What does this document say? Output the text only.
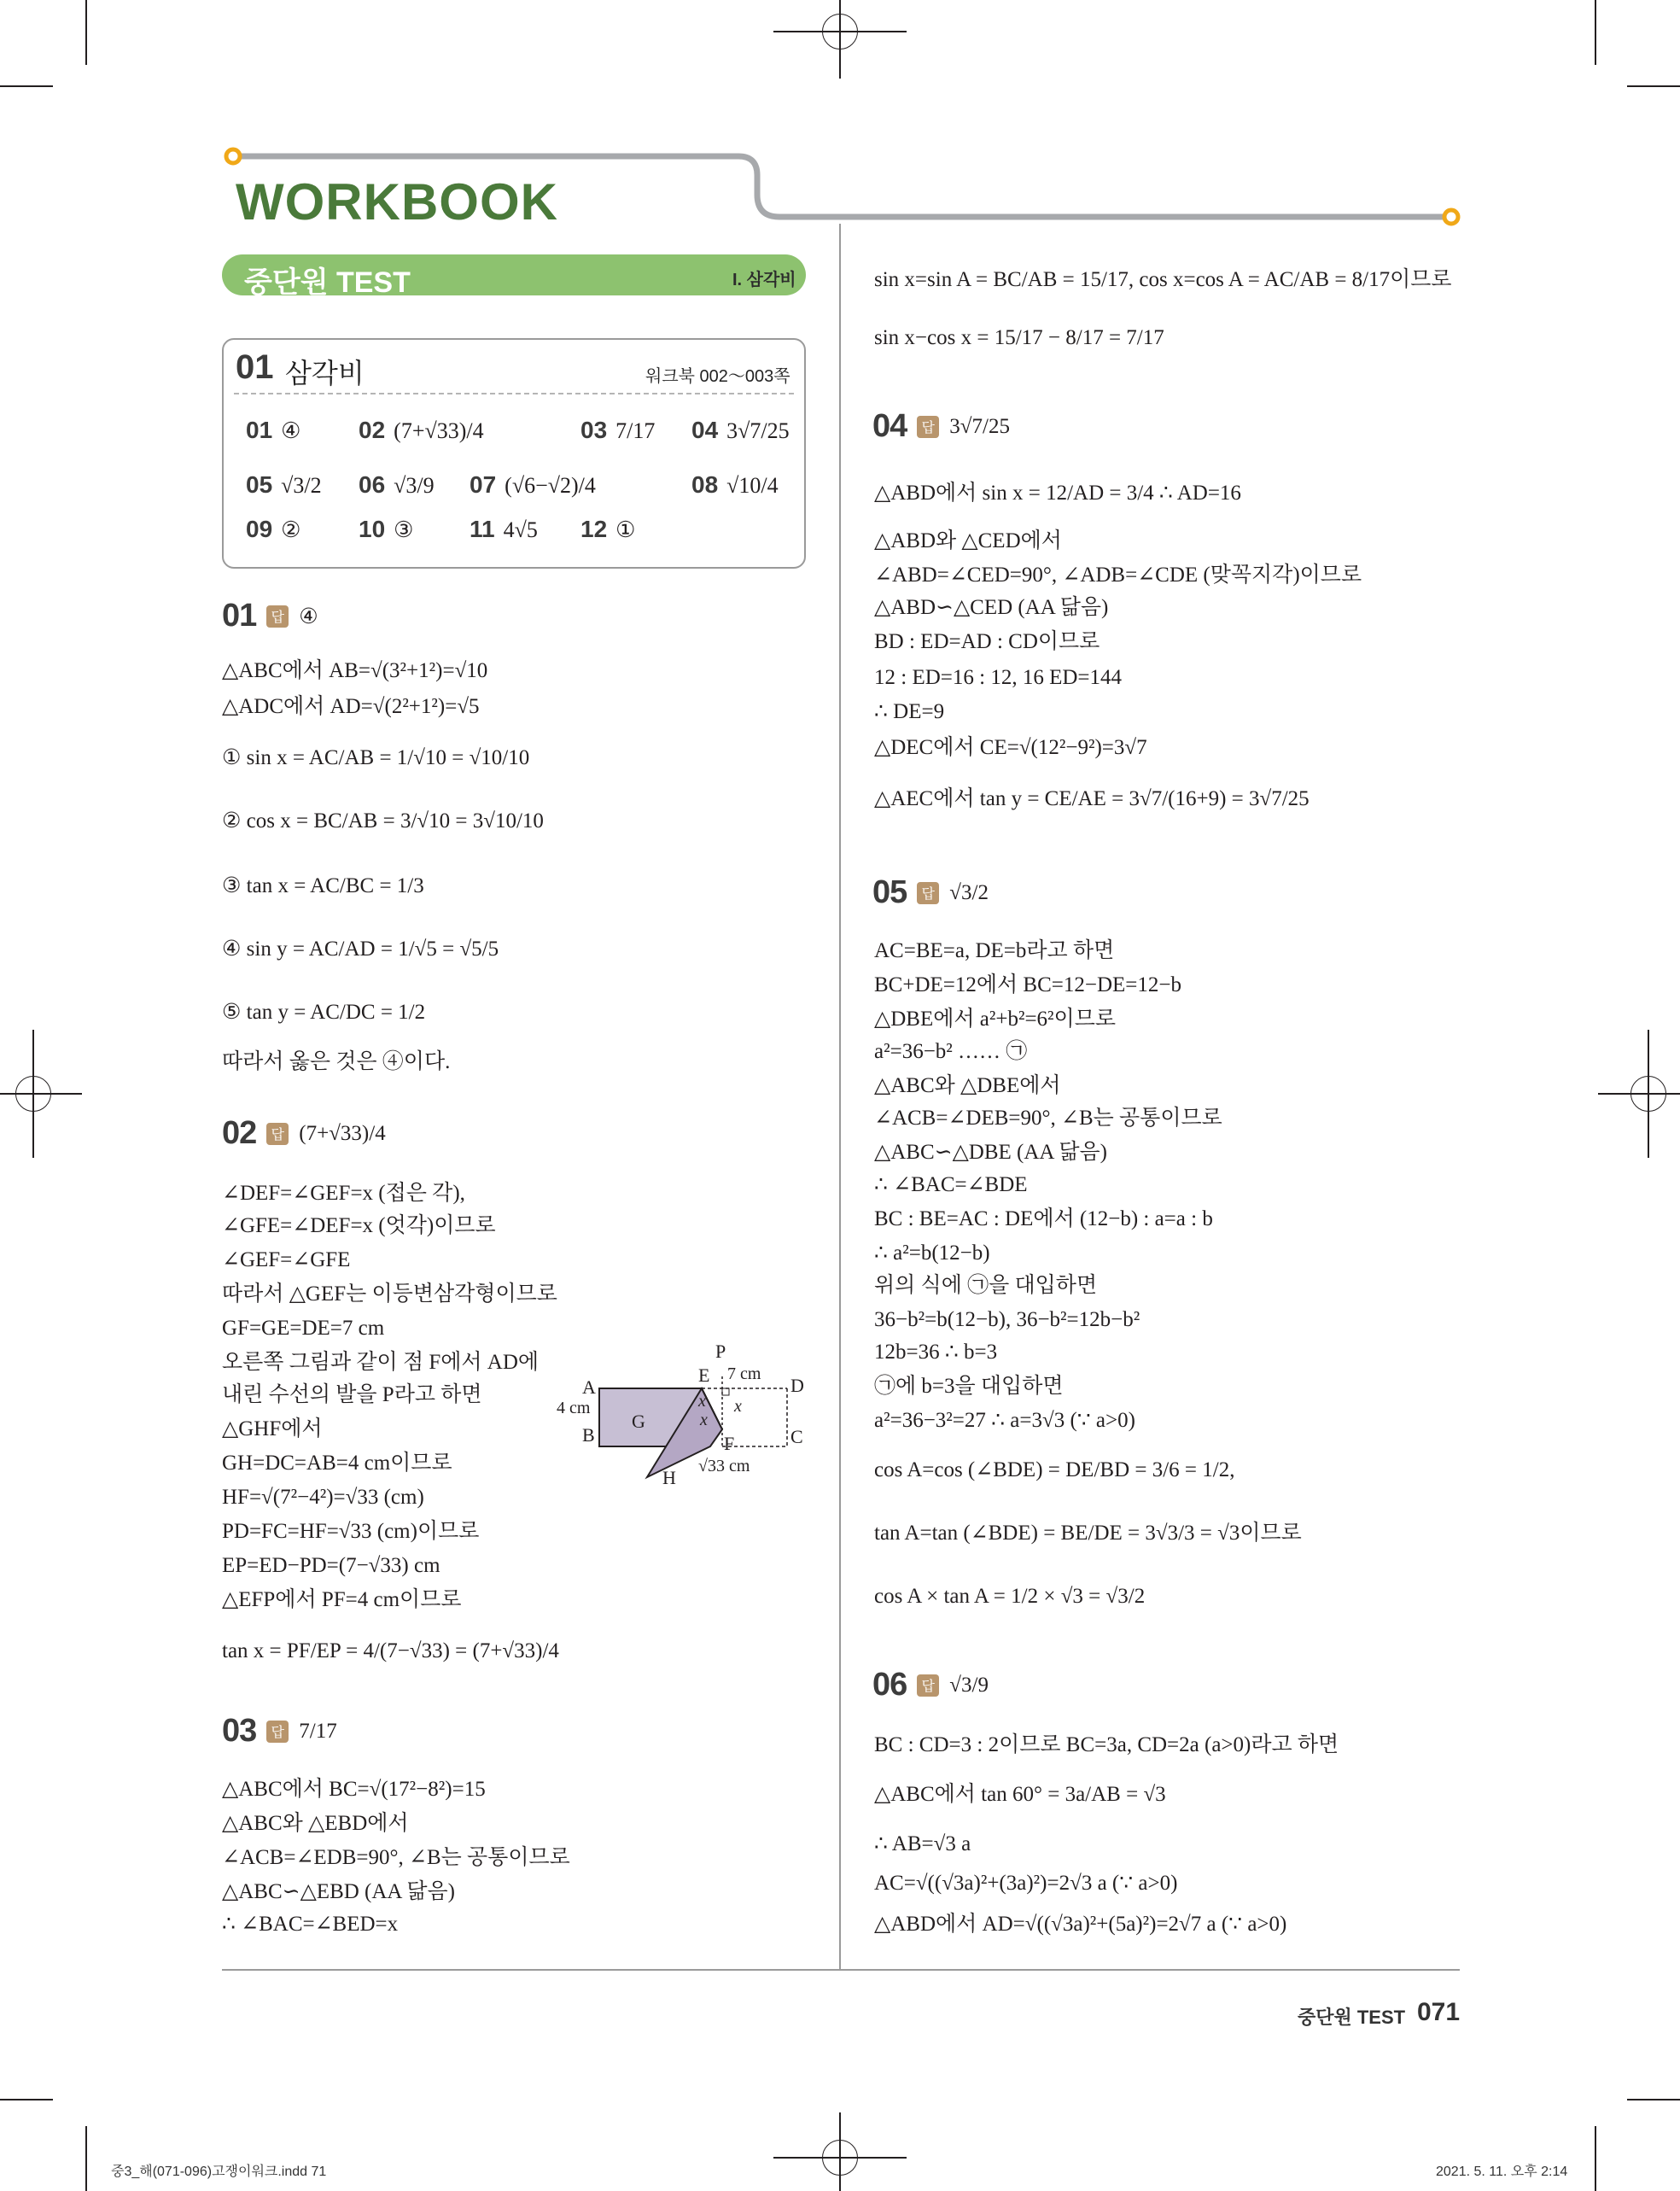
WORKBOOK
중단원 TEST	I. 삼각비
01 삼각비	워크북 002～003쪽
01 ④ 02 (7+√33)/4	03 7/17 04 3√7/25
05 √3/2 06 √3/9 07 (√6−√2)/4	08 √10/4
09 ② 10 ③ 11 4√5 12 ①
01	답 ④
△ABC에서 AB=√(3²+1²)=√10
△ADC에서 AD=√(2²+1²)=√5
① sin x = AC/AB = 1/√10 = √10/10
② cos x = BC/AB = 3/√10 = 3√10/10
③ tan x = AC/BC = 1/3
④ sin y = AC/AD = 1/√5 = √5/5
⑤ tan y = AC/DC = 1/2
따라서 옳은 것은 ④이다.
02	답 (7+√33)/4
∠DEF=∠GEF=x (접은 각),
∠GFE=∠DEF=x (엇각)이므로
∠GEF=∠GFE
따라서 △GEF는 이등변삼각형이므로
GF=GE=DE=7 cm
오른쪽 그림과 같이 점 F에서 AD에
내린 수선의 발을 P라고 하면
△GHF에서
GH=DC=AB=4 cm이므로
HF=√(7²−4²)=√33 (cm)
PD=FC=HF=√33 (cm)이므로
EP=ED−PD=(7−√33) cm
△EFP에서 PF=4 cm이므로
tan x = PF/EP = 4/(7−√33) = (7+√33)/4
P
E 7 cm
D
A
4 cm	x
x
x
G
B	C
F
√33 cm
H
03	답 7/17
△ABC에서 BC=√(17²−8²)=15
△ABC와 △EBD에서
∠ACB=∠EDB=90°, ∠B는 공통이므로
△ABC∽△EBD (AA 닮음)
∴ ∠BAC=∠BED=x
sin x=sin A = BC/AB = 15/17, cos x=cos A = AC/AB = 8/17이므로
sin x−cos x = 15/17 − 8/17 = 7/17
04	답 3√7/25
△ABD에서 sin x = 12/AD = 3/4 ∴ AD=16
△ABD와 △CED에서
∠ABD=∠CED=90°, ∠ADB=∠CDE (맞꼭지각)이므로
△ABD∽△CED (AA 닮음)
BD : ED=AD : CD이므로
12 : ED=16 : 12, 16 ED=144
∴ DE=9
△DEC에서 CE=√(12²−9²)=3√7
△AEC에서 tan y = CE/AE = 3√7/(16+9) = 3√7/25
05	답 √3/2
AC=BE=a, DE=b라고 하면
BC+DE=12에서 BC=12−DE=12−b
△DBE에서 a²+b²=6²이므로
a²=36−b² …… ㉠
△ABC와 △DBE에서
∠ACB=∠DEB=90°, ∠B는 공통이므로
△ABC∽△DBE (AA 닮음)
∴ ∠BAC=∠BDE
BC : BE=AC : DE에서 (12−b) : a=a : b
∴ a²=b(12−b)
위의 식에 ㉠을 대입하면
36−b²=b(12−b), 36−b²=12b−b²
12b=36 ∴ b=3
㉠에 b=3을 대입하면
a²=36−3²=27 ∴ a=3√3 (∵ a>0)
cos A=cos (∠BDE) = DE/BD = 3/6 = 1/2,
tan A=tan (∠BDE) = BE/DE = 3√3/3 = √3이므로
cos A × tan A = 1/2 × √3 = √3/2
06	답 √3/9
BC : CD=3 : 2이므로 BC=3a, CD=2a (a>0)라고 하면
△ABC에서 tan 60° = 3a/AB = √3
∴ AB=√3 a
AC=√((√3a)²+(3a)²)=2√3 a (∵ a>0)
△ABD에서 AD=√((√3a)²+(5a)²)=2√7 a (∵ a>0)
중단원 TEST 071
중3_해(071-096)고쟁이워크.indd 71	2021. 5. 11. 오후 2:14
